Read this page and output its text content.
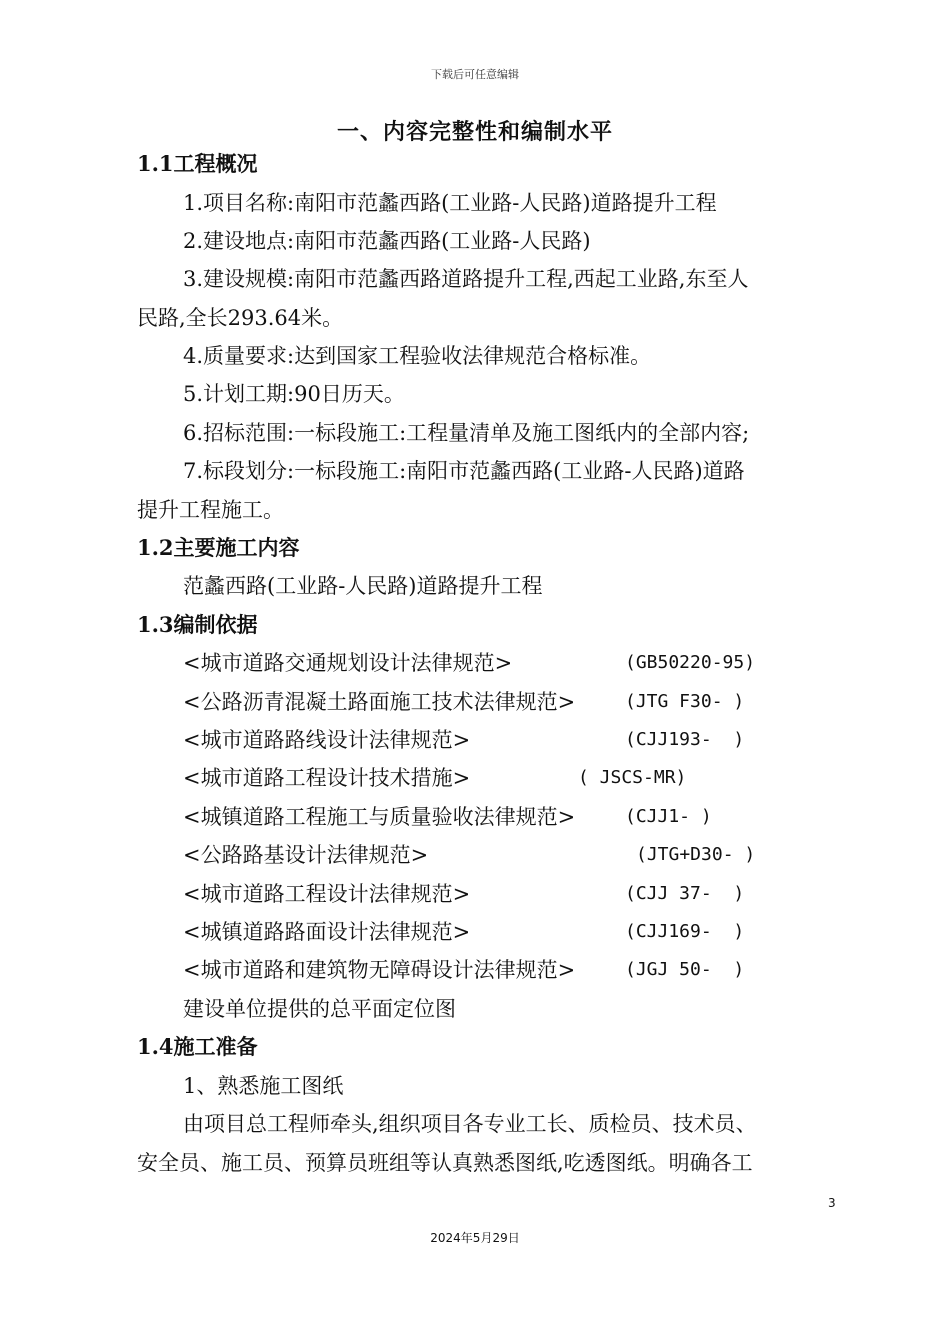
下载后可任意编辑
一、内容完整性和编制水平
1.1工程概况
1.项目名称:南阳市范蠡西路(工业路-人民路)道路提升工程
2.建设地点:南阳市范蠡西路(工业路-人民路)
3.建设规模:南阳市范蠡西路道路提升工程,西起工业路,东至人
民路,全长293.64米。
4.质量要求:达到国家工程验收法律规范合格标准。
5.计划工期:90日历天。
6.招标范围:一标段施工:工程量清单及施工图纸内的全部内容;
7.标段划分:一标段施工:南阳市范蠡西路(工业路-人民路)道路
提升工程施工。
1.2主要施工内容
范蠡西路(工业路-人民路)道路提升工程
1.3编制依据
<城市道路交通规划设计法律规范>	(GB50220-95)
<公路沥青混凝土路面施工技术法律规范>	(JTG F30- )
<城市道路路线设计法律规范>	(CJJ193-  )
<城市道路工程设计技术措施>	( JSCS-MR)
<城镇道路工程施工与质量验收法律规范>	(CJJ1- )
<公路路基设计法律规范>	(JTG+D30- )
<城市道路工程设计法律规范>	(CJJ 37-  )
<城镇道路路面设计法律规范>	(CJJ169-  )
<城市道路和建筑物无障碍设计法律规范>	(JGJ 50-  )
建设单位提供的总平面定位图
1.4施工准备
1、熟悉施工图纸
由项目总工程师牵头,组织项目各专业工长、质检员、技术员、
安全员、施工员、预算员班组等认真熟悉图纸,吃透图纸。明确各工
3
2024年5月29日
